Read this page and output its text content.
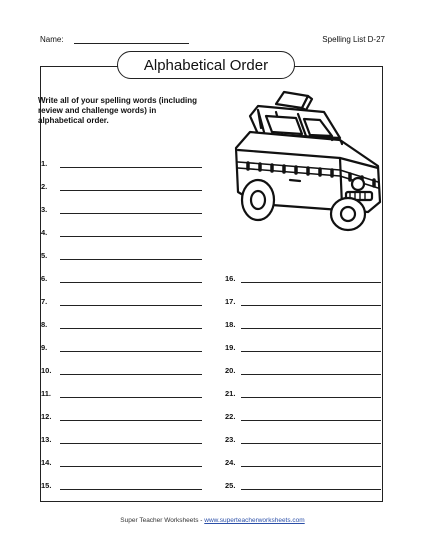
Name:	Spelling List D-27
Alphabetical Order
Write all of your spelling words (including review and challenge words) in alphabetical order.
1.
2.
3.
4.
5.
6.
7.
8.
9.
10.
11.
12.
13.
14.
15.
16.
17.
18.
19.
20.
21.
22.
23.
24.
25.
Super Teacher Worksheets - www.superteacherworksheets.com
